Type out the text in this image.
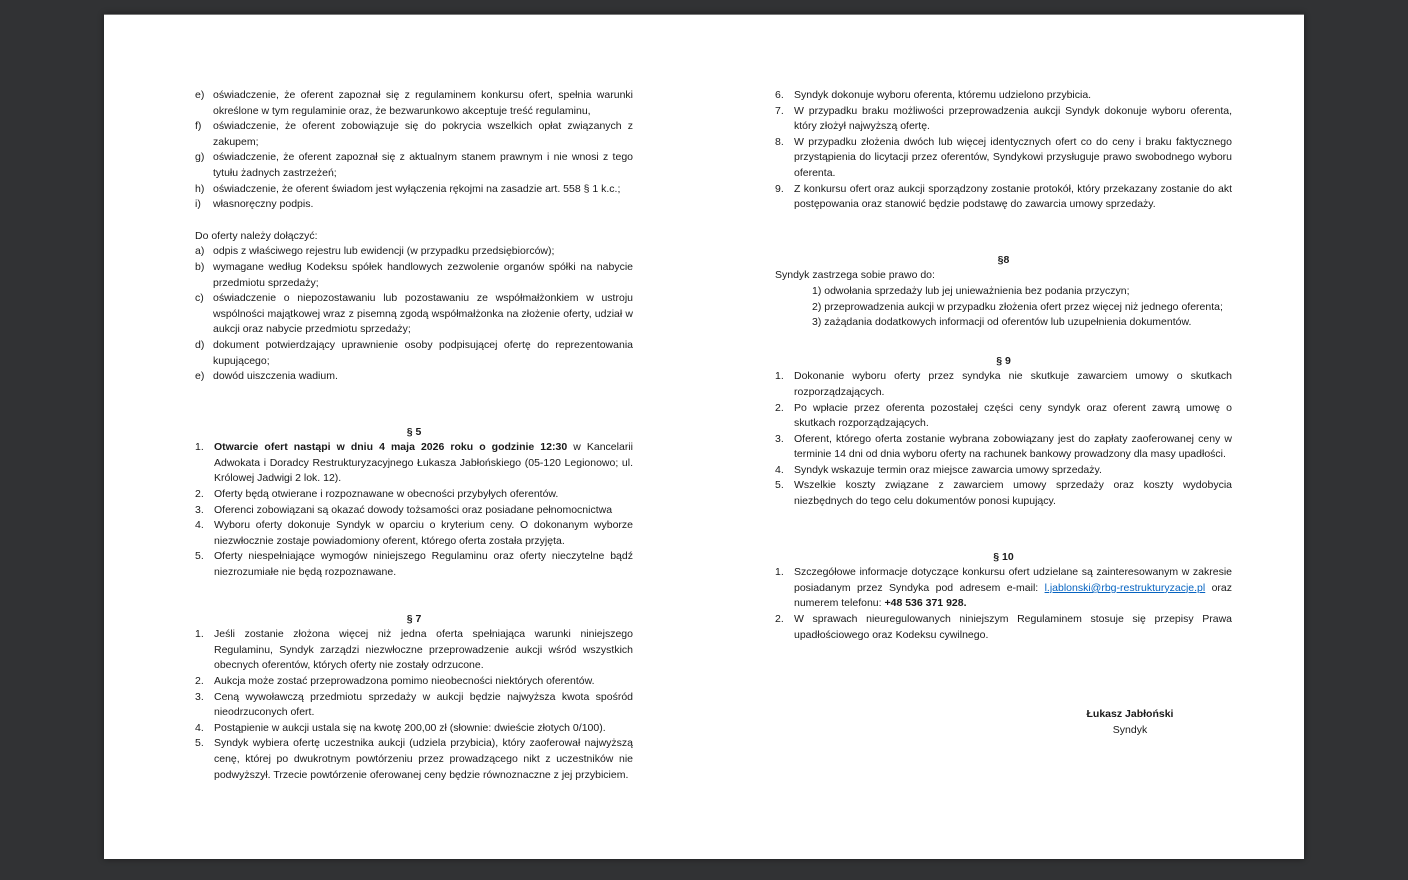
e) oświadczenie, że oferent zapoznał się z regulaminem konkursu ofert, spełnia warunki określone w tym regulaminie oraz, że bezwarunkowo akceptuje treść regulaminu,
f)	oświadczenie, że oferent zobowiązuje się do pokrycia wszelkich opłat związanych z zakupem;
g) oświadczenie, że oferent zapoznał się z aktualnym stanem prawnym i nie wnosi z tego tytułu żadnych zastrzeżeń;
h) oświadczenie, że oferent świadom jest wyłączenia rękojmi na zasadzie art. 558 § 1 k.c.;
i)	własnoręczny podpis.

Do oferty należy dołączyć:

a) odpis z właściwego rejestru lub ewidencji (w przypadku przedsiębiorców);
b) wymagane według Kodeksu spółek handlowych zezwolenie organów spółki na nabycie przedmiotu sprzedaży;
c) oświadczenie o niepozostawaniu lub pozostawaniu ze współmałżonkiem w ustroju wspólności majątkowej wraz z pisemną zgodą współmałżonka na złożenie oferty, udział w aukcji oraz nabycie przedmiotu sprzedaży;
d) dokument potwierdzający uprawnienie osoby podpisującej ofertę do reprezentowania kupującego;
e) dowód uiszczenia wadium.

§ 5

1. Otwarcie ofert nastąpi w dniu 4 maja 2026 roku o godzinie 12:30 w Kancelarii Adwokata i Doradcy Restrukturyzacyjnego Łukasza Jabłońskiego (05-120 Legionowo; ul. Królowej Jadwigi 2 lok. 12).
2. Oferty będą otwierane i rozpoznawane w obecności przybyłych oferentów.
3. Oferenci zobowiązani są okazać dowody tożsamości oraz posiadane pełnomocnictwa
4. Wyboru oferty dokonuje Syndyk w oparciu o kryterium ceny. O dokonanym wyborze niezwłocznie zostaje powiadomiony oferent, którego oferta została przyjęta.
5. Oferty niespełniające wymogów niniejszego Regulaminu oraz oferty nieczytelne bądź niezrozumiałe nie będą rozpoznawane.

§ 7

1. Jeśli zostanie złożona więcej niż jedna oferta spełniająca warunki niniejszego Regulaminu, Syndyk zarządzi niezwłoczne przeprowadzenie aukcji wśród wszystkich obecnych oferentów, których oferty nie zostały odrzucone.
2. Aukcja może zostać przeprowadzona pomimo nieobecności niektórych oferentów.
3. Ceną wywoławczą przedmiotu sprzedaży w aukcji będzie najwyższa kwota spośród nieodrzuconych ofert.
4. Postąpienie w aukcji ustala się na kwotę 200,00 zł (słownie: dwieście złotych 0/100).
5. Syndyk wybiera ofertę uczestnika aukcji (udziela przybicia), który zaoferował najwyższą cenę, której po dwukrotnym powtórzeniu przez prowadzącego nikt z uczestników nie podwyższył. Trzecie powtórzenie oferowanej ceny będzie równoznaczne z jej przybiciem.
6. Syndyk dokonuje wyboru oferenta, któremu udzielono przybicia.
7. W przypadku braku możliwości przeprowadzenia aukcji Syndyk dokonuje wyboru oferenta, który złożył najwyższą ofertę.
8. W przypadku złożenia dwóch lub więcej identycznych ofert co do ceny i braku faktycznego przystąpienia do licytacji przez oferentów, Syndykowi przysługuje prawo swobodnego wyboru oferenta.
9. Z konkursu ofert oraz aukcji sporządzony zostanie protokół, który przekazany zostanie do akt postępowania oraz stanowić będzie podstawę do zawarcia umowy sprzedaży.

§8

Syndyk zastrzega sobie prawo do:

1) odwołania sprzedaży lub jej unieważnienia bez podania przyczyn;
2) przeprowadzenia aukcji w przypadku złożenia ofert przez więcej niż jednego oferenta;
3) zażądania dodatkowych informacji od oferentów lub uzupełnienia dokumentów.

§ 9

1. Dokonanie wyboru oferty przez syndyka nie skutkuje zawarciem umowy o skutkach rozporządzających.
2. Po wpłacie przez oferenta pozostałej części ceny syndyk oraz oferent zawrą umowę o skutkach rozporządzających.
3. Oferent, którego oferta zostanie wybrana zobowiązany jest do zapłaty zaoferowanej ceny w terminie 14 dni od dnia wyboru oferty na rachunek bankowy prowadzony dla masy upadłości.
4. Syndyk wskazuje termin oraz miejsce zawarcia umowy sprzedaży.
5. Wszelkie koszty związane z zawarciem umowy sprzedaży oraz koszty wydobycia niezbędnych do tego celu dokumentów ponosi kupujący.

§ 10

1. Szczegółowe informacje dotyczące konkursu ofert udzielane są zainteresowanym w zakresie posiadanym przez Syndyka pod adresem e-mail: l.jablonski@rbg-restrukturyzacje.pl oraz numerem telefonu: +48 536 371 928.
2. W sprawach nieuregulowanych niniejszym Regulaminem stosuje się przepisy Prawa upadłościowego oraz Kodeksu cywilnego.
Łukasz Jabłoński
Syndyk
